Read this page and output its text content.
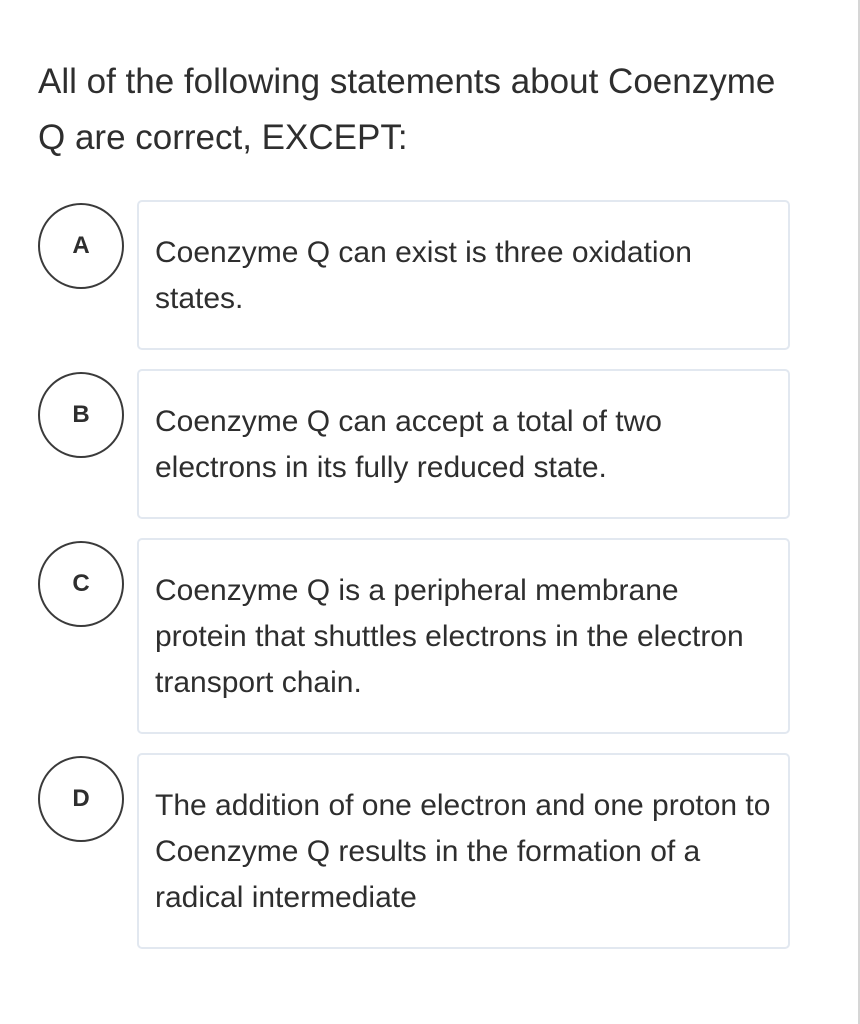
All of the following statements about Coenzyme Q are correct, EXCEPT:
A	Coenzyme Q can exist is three oxidation states.
B	Coenzyme Q can accept a total of two electrons in its fully reduced state.
C	Coenzyme Q is a peripheral membrane protein that shuttles electrons in the electron transport chain.
D	The addition of one electron and one proton to Coenzyme Q results in the formation of a radical intermediate
